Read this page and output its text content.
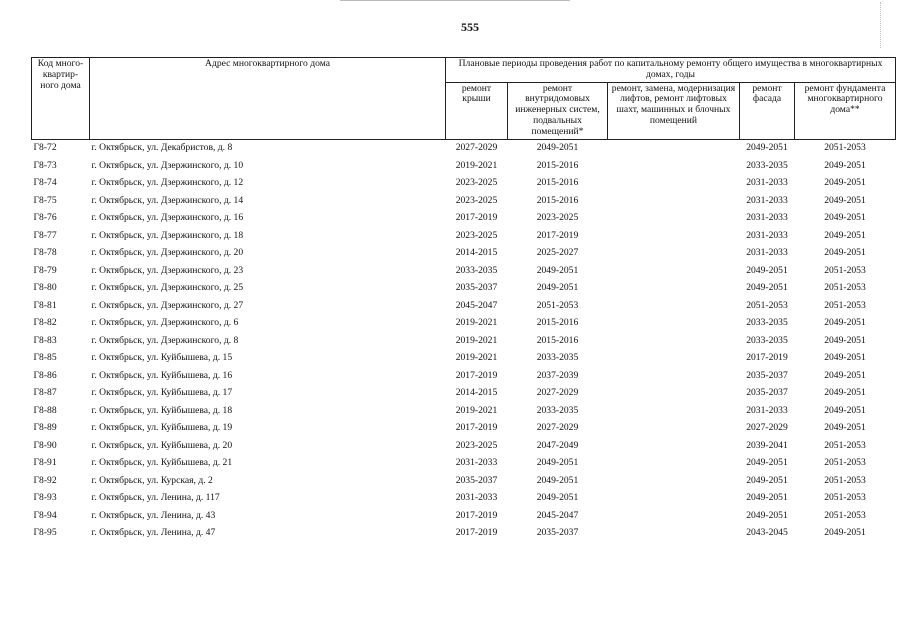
555
Код много-квартир-ного дома	Адрес многоквартирного дома	Плановые периоды проведения работ по капитальному ремонту общего имущества в многоквартирных домах, годы				
		ремонт крыши	ремонт внутридомовых инженерных систем, подвальных помещений*	ремонт, замена, модернизация лифтов, ремонт лифтовых шахт, машинных и блочных помещений	ремонт фасада	ремонт фундамента многоквартирного дома**
Г8-72	г. Октябрьск, ул. Декабристов, д. 8	2027-2029	2049-2051		2049-2051	2051-2053
Г8-73	г. Октябрьск, ул. Дзержинского, д. 10	2019-2021	2015-2016		2033-2035	2049-2051
Г8-74	г. Октябрьск, ул. Дзержинского, д. 12	2023-2025	2015-2016		2031-2033	2049-2051
Г8-75	г. Октябрьск, ул. Дзержинского, д. 14	2023-2025	2015-2016		2031-2033	2049-2051
Г8-76	г. Октябрьск, ул. Дзержинского, д. 16	2017-2019	2023-2025		2031-2033	2049-2051
Г8-77	г. Октябрьск, ул. Дзержинского, д. 18	2023-2025	2017-2019		2031-2033	2049-2051
Г8-78	г. Октябрьск, ул. Дзержинского, д. 20	2014-2015	2025-2027		2031-2033	2049-2051
Г8-79	г. Октябрьск, ул. Дзержинского, д. 23	2033-2035	2049-2051		2049-2051	2051-2053
Г8-80	г. Октябрьск, ул. Дзержинского, д. 25	2035-2037	2049-2051		2049-2051	2051-2053
Г8-81	г. Октябрьск, ул. Дзержинского, д. 27	2045-2047	2051-2053		2051-2053	2051-2053
Г8-82	г. Октябрьск, ул. Дзержинского, д. 6	2019-2021	2015-2016		2033-2035	2049-2051
Г8-83	г. Октябрьск, ул. Дзержинского, д. 8	2019-2021	2015-2016		2033-2035	2049-2051
Г8-85	г. Октябрьск, ул. Куйбышева, д. 15	2019-2021	2033-2035		2017-2019	2049-2051
Г8-86	г. Октябрьск, ул. Куйбышева, д. 16	2017-2019	2037-2039		2035-2037	2049-2051
Г8-87	г. Октябрьск, ул. Куйбышева, д. 17	2014-2015	2027-2029		2035-2037	2049-2051
Г8-88	г. Октябрьск, ул. Куйбышева, д. 18	2019-2021	2033-2035		2031-2033	2049-2051
Г8-89	г. Октябрьск, ул. Куйбышева, д. 19	2017-2019	2027-2029		2027-2029	2049-2051
Г8-90	г. Октябрьск, ул. Куйбышева, д. 20	2023-2025	2047-2049		2039-2041	2051-2053
Г8-91	г. Октябрьск, ул. Куйбышева, д. 21	2031-2033	2049-2051		2049-2051	2051-2053
Г8-92	г. Октябрьск, ул. Курская, д. 2	2035-2037	2049-2051		2049-2051	2051-2053
Г8-93	г. Октябрьск, ул. Ленина, д. 117	2031-2033	2049-2051		2049-2051	2051-2053
Г8-94	г. Октябрьск, ул. Ленина, д. 43	2017-2019	2045-2047		2049-2051	2051-2053
Г8-95	г. Октябрьск, ул. Ленина, д. 47	2017-2019	2035-2037		2043-2045	2049-2051
